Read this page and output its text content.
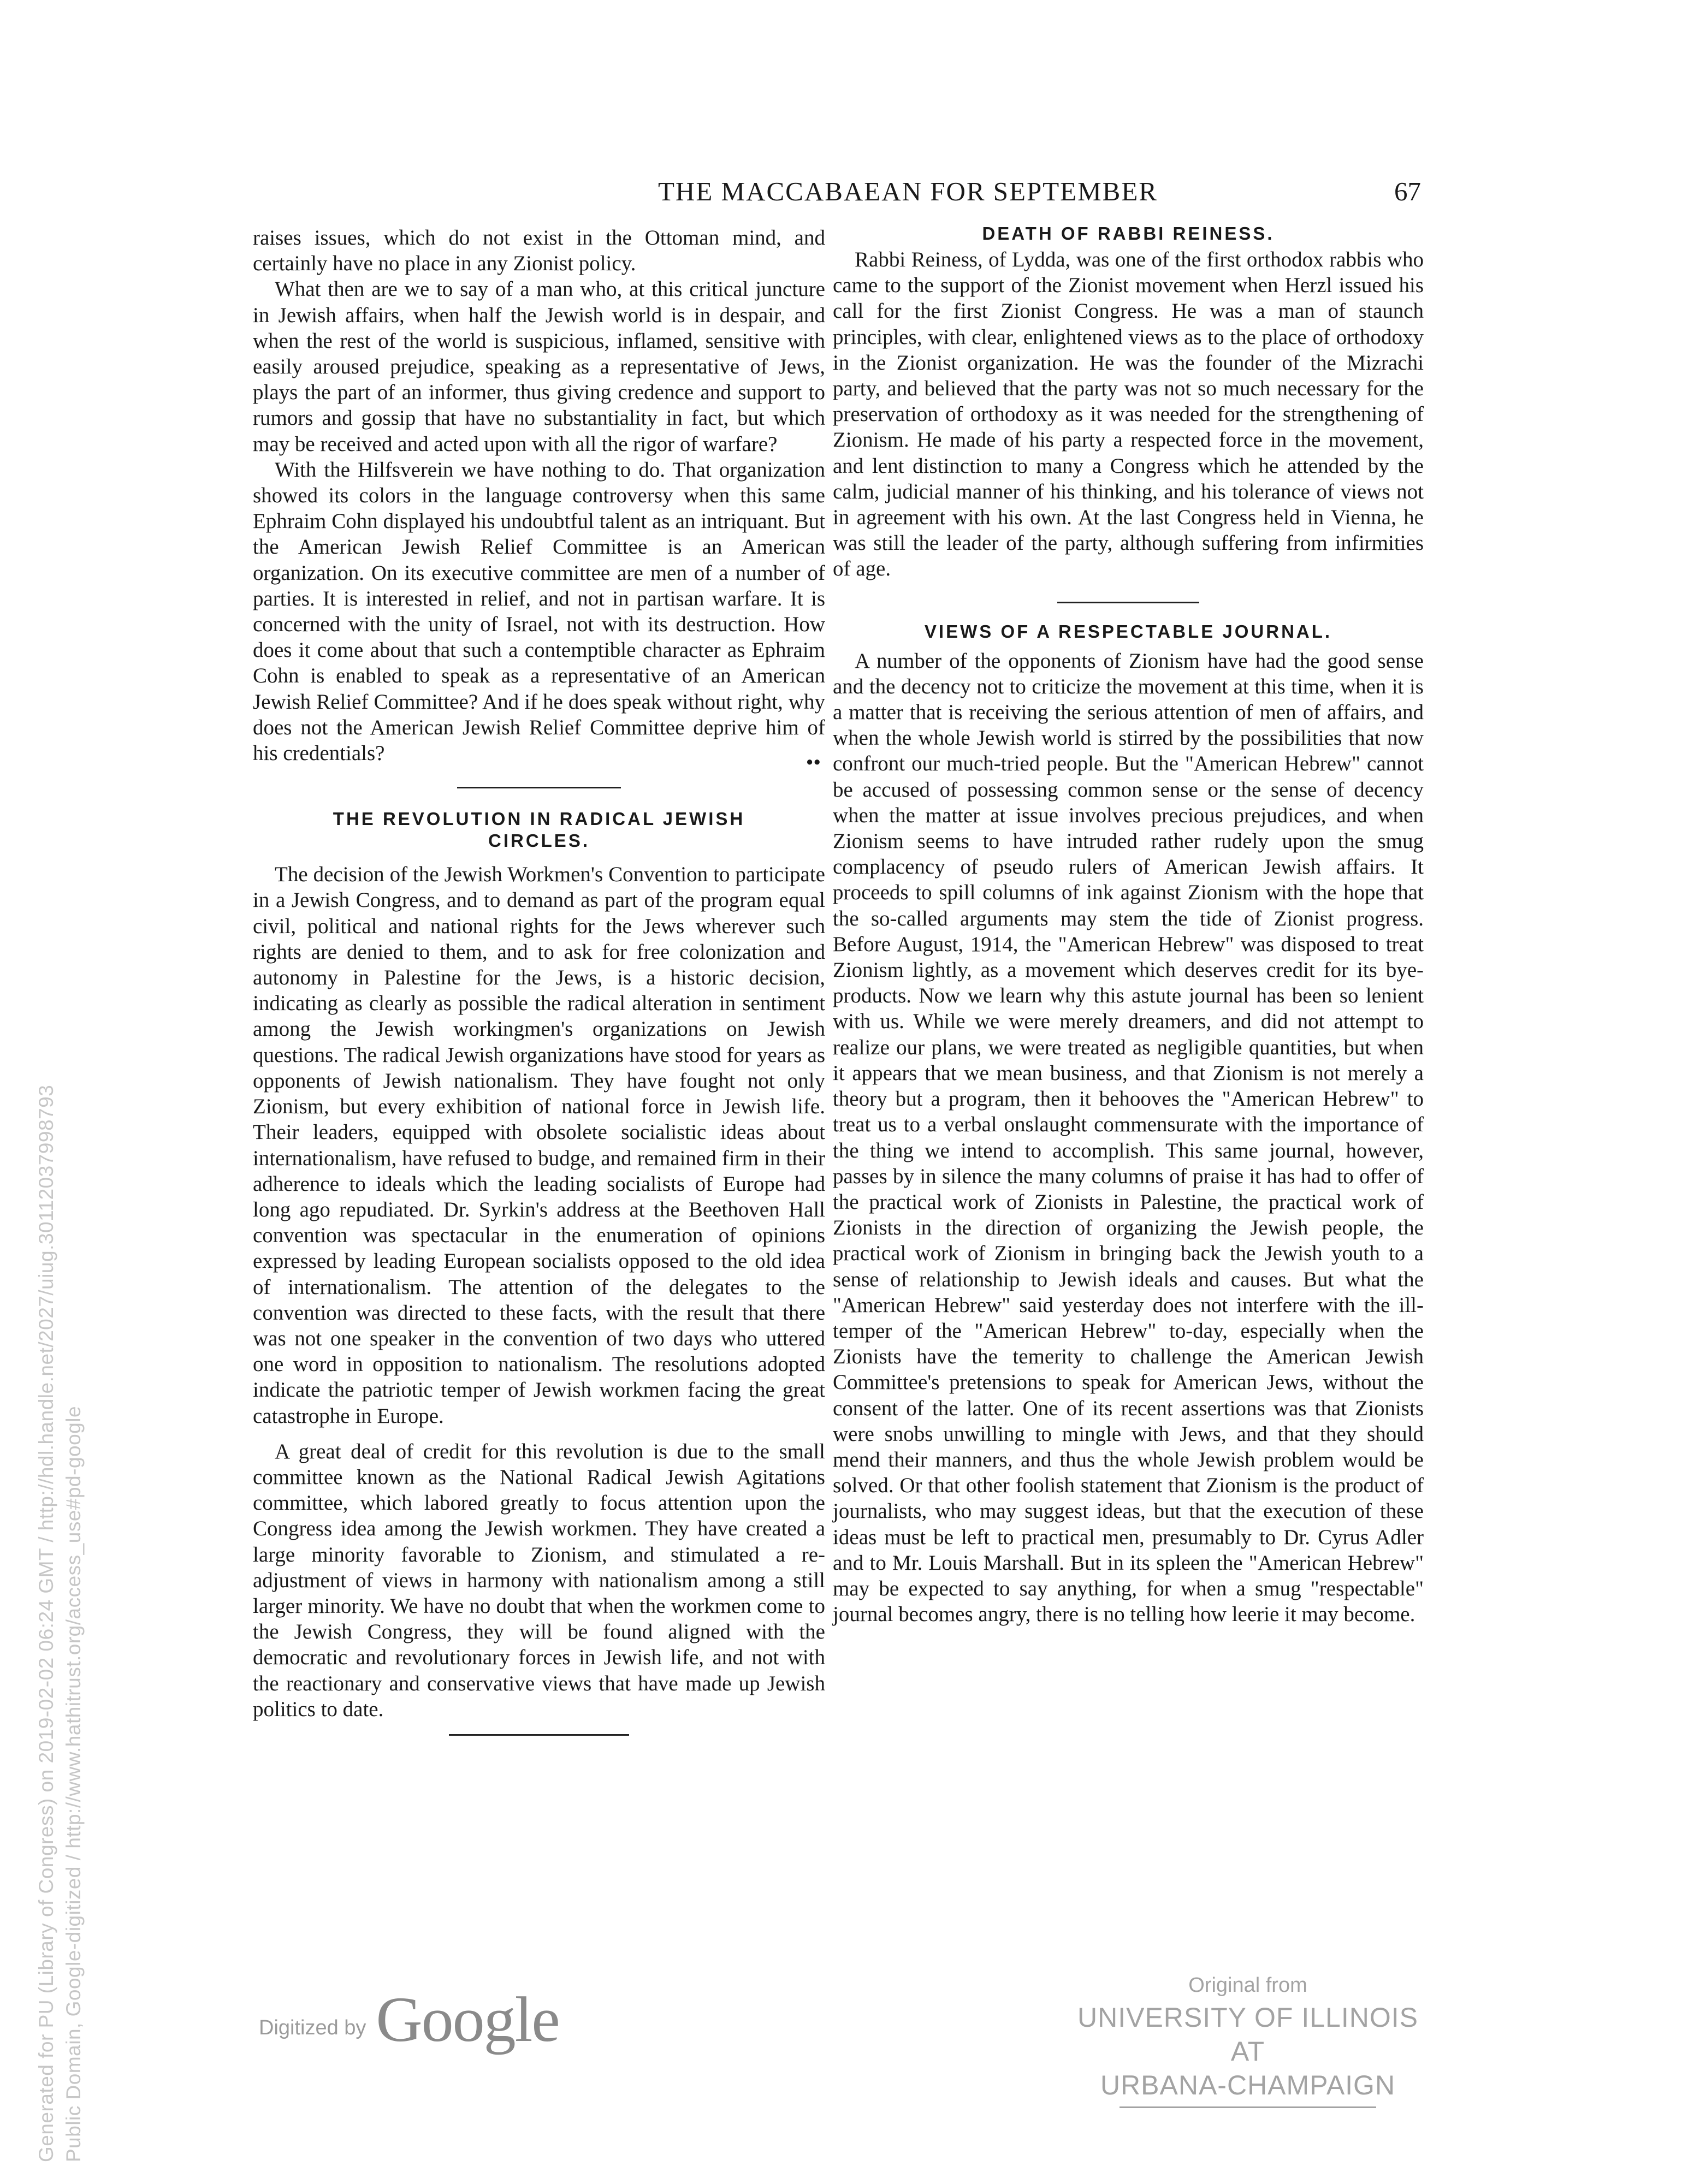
Generated for PU (Library of Congress) on 2019-02-02 06:24 GMT / http://hdl.handle.net/2027/uiug.30112037998793 Public Domain, Google-digitized / http://www.hathitrust.org/access_use#pd-google
THE MACCABAEAN FOR SEPTEMBER	67

raises issues, which do not exist in the Ottoman mind, and certainly have no place in any Zionist policy.

What then are we to say of a man who, at this critical juncture in Jewish affairs, when half the Jewish world is in despair, and when the rest of the world is suspicious, inflamed, sensitive with easily aroused prejudice, speaking as a representative of Jews, plays the part of an informer, thus giving credence and support to rumors and gossip that have no substantiality in fact, but which may be received and acted upon with all the rigor of warfare?

With the Hilfsverein we have nothing to do. That organization showed its colors in the language controversy when this same Ephraim Cohn displayed his undoubtful talent as an intriquant. But the American Jewish Relief Committee is an American organization. On its executive committee are men of a number of parties. It is interested in relief, and not in partisan warfare. It is concerned with the unity of Israel, not with its destruction. How does it come about that such a contemptible character as Ephraim Cohn is enabled to speak as a representative of an American Jewish Relief Committee? And if he does speak without right, why does not the American Jewish Relief Committee deprive him of his credentials?	••
THE REVOLUTION IN RADICAL JEWISH CIRCLES.

The decision of the Jewish Workmen's Convention to participate in a Jewish Congress, and to demand as part of the program equal civil, political and national rights for the Jews wherever such rights are denied to them, and to ask for free colonization and autonomy in Palestine for the Jews, is a historic decision, indicating as clearly as possible the radical alteration in sentiment among the Jewish workingmen's organizations on Jewish questions. The radical Jewish organizations have stood for years as opponents of Jewish nationalism. They have fought not only Zionism, but every exhibition of national force in Jewish life. Their leaders, equipped with obsolete socialistic ideas about internationalism, have refused to budge, and remained firm in their adherence to ideals which the leading socialists of Europe had long ago repudiated. Dr. Syrkin's address at the Beethoven Hall convention was spectacular in the enumeration of opinions expressed by leading European socialists opposed to the old idea of internationalism. The attention of the delegates to the convention was directed to these facts, with the result that there was not one speaker in the convention of two days who uttered one word in opposition to nationalism. The resolutions adopted indicate the patriotic temper of Jewish workmen facing the great catastrophe in Europe.

A great deal of credit for this revolution is due to the small committee known as the National Radical Jewish Agitations committee, which labored greatly to focus attention upon the Congress idea among the Jewish workmen. They have created a large minority favorable to Zionism, and stimulated a re-adjustment of views in harmony with nationalism among a still larger minority. We have no doubt that when the workmen come to the Jewish Congress, they will be found aligned with the democratic and revolutionary forces in Jewish life, and not with the reactionary and conservative views that have made up Jewish politics to date.

DEATH OF RABBI REINESS.

Rabbi Reiness, of Lydda, was one of the first orthodox rabbis who came to the support of the Zionist movement when Herzl issued his call for the first Zionist Congress. He was a man of staunch principles, with clear, enlightened views as to the place of orthodoxy in the Zionist organization. He was the founder of the Mizrachi party, and believed that the party was not so much necessary for the preservation of orthodoxy as it was needed for the strengthening of Zionism. He made of his party a respected force in the movement, and lent distinction to many a Congress which he attended by the calm, judicial manner of his thinking, and his tolerance of views not in agreement with his own. At the last Congress held in Vienna, he was still the leader of the party, although suffering from infirmities of age.

VIEWS OF A RESPECTABLE JOURNAL.

A number of the opponents of Zionism have had the good sense and the decency not to criticize the movement at this time, when it is a matter that is receiving the serious attention of men of affairs, and when the whole Jewish world is stirred by the possibilities that now confront our much-tried people. But the "American Hebrew" cannot be accused of possessing common sense or the sense of decency when the matter at issue involves precious prejudices, and when Zionism seems to have intruded rather rudely upon the smug complacency of pseudo rulers of American Jewish affairs. It proceeds to spill columns of ink against Zionism with the hope that the so-called arguments may stem the tide of Zionist progress. Before August, 1914, the "American Hebrew" was disposed to treat Zionism lightly, as a movement which deserves credit for its bye-products. Now we learn why this astute journal has been so lenient with us. While we were merely dreamers, and did not attempt to realize our plans, we were treated as negligible quantities, but when it appears that we mean business, and that Zionism is not merely a theory but a program, then it behooves the "American Hebrew" to treat us to a verbal onslaught commensurate with the importance of the thing we intend to accomplish. This same journal, however, passes by in silence the many columns of praise it has had to offer of the practical work of Zionists in Palestine, the practical work of Zionists in the direction of organizing the Jewish people, the practical work of Zionism in bringing back the Jewish youth to a sense of relationship to Jewish ideals and causes. But what the "American Hebrew" said yesterday does not interfere with the ill-temper of the "American Hebrew" to-day, especially when the Zionists have the temerity to challenge the American Jewish Committee's pretensions to speak for American Jews, without the consent of the latter. One of its recent assertions was that Zionists were snobs unwilling to mingle with Jews, and that they should mend their manners, and thus the whole Jewish problem would be solved. Or that other foolish statement that Zionism is the product of journalists, who may suggest ideas, but that the execution of these ideas must be left to practical men, presumably to Dr. Cyrus Adler and to Mr. Louis Marshall. But in its spleen the "American Hebrew" may be expected to say anything, for when a smug "respectable" journal becomes angry, there is no telling how leerie it may become.

Digitized by Google	Original from
UNIVERSITY OF ILLINOIS AT
URBANA-CHAMPAIGN
